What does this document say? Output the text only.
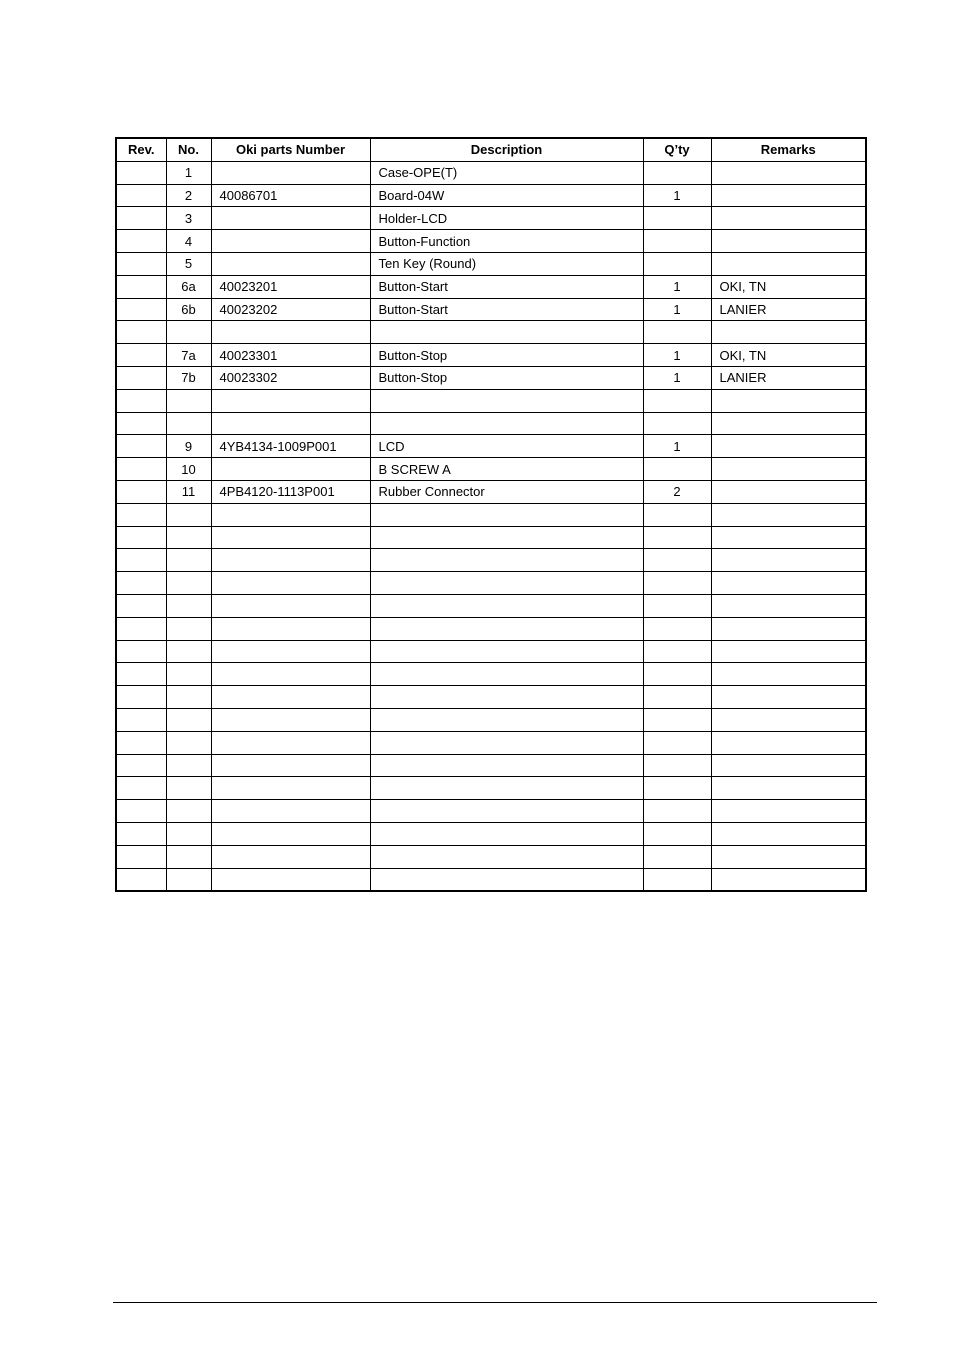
Rev.	No.	Oki parts Number	Description	Q’ty	Remarks
	1		Case-OPE(T)		
	2	40086701	Board-04W	1	
	3		Holder-LCD		
	4		Button-Function		
	5		Ten Key (Round)		
	6a	40023201	Button-Start	1	OKI, TN
	6b	40023202	Button-Start	1	LANIER

	7a	40023301	Button-Stop	1	OKI, TN
	7b	40023302	Button-Stop	1	LANIER

	9	4YB4134-1009P001	LCD	1	
	10		B SCREW A		
	11	4PB4120-1113P001	Rubber Connector	2	
